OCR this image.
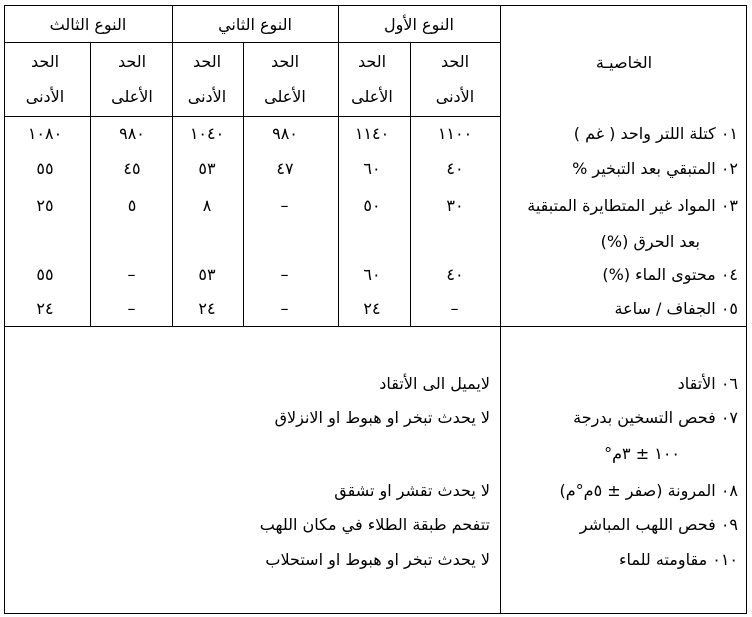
النوع الأول
النوع الثاني
النوع الثالث
الخاصيـة
الحد
الأدنى
الحد
الأعلى
الحد
الأعلى
الحد
الأدنى
الحد
الأعلى
الحد
الأدنى
٠١ كتلة اللتر واحد ( غم )
١١٠٠
١١٤٠
٩٨٠
١٠٤٠
٩٨٠
١٠٨٠
٠٢ المتبقي بعد التبخير %
٤٠
٦٠
٤٧
٥٣
٤٥
٥٥
٠٣ المواد غير المتطايرة المتبقية
بعد الحرق (%)
٣٠
٥٠
–
٨
٥
٢٥
٠٤ محتوى الماء (%)
٤٠
٦٠
–
٥٣
–
٥٥
٠٥ الجفاف / ساعة
–
٢٤
–
٢٤
–
٢٤
٠٦ الأتقاد
لايميل الى الأتقاد
٠٧ فحص التسخين بدرجة
١٠٠ ± ٣م°
لا يحدث تبخر او هبوط او الانزلاق
٠٨ المرونة (صفر ± ٥م°م)
لا يحدث تقشر او تشقق
٠٩ فحص اللهب المباشر
تتفحم طبقة الطلاء في مكان اللهب
٠١٠ مقاومته للماء
لا يحدث تبخر او هبوط او استحلاب
